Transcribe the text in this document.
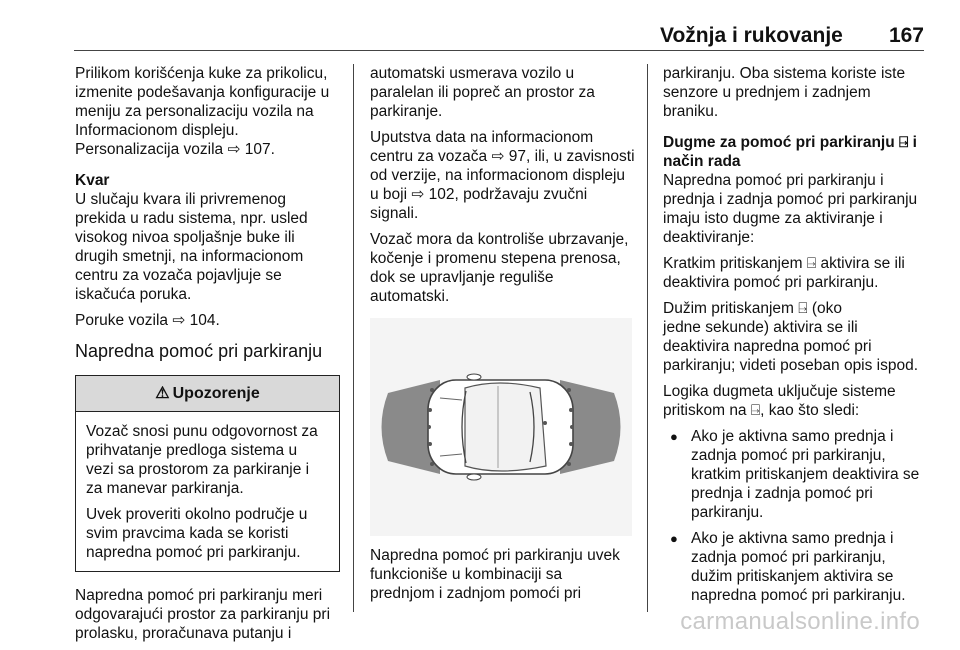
Vožnja i rukovanje 167

Prilikom korišćenja kuke za prikolicu,
izmenite podešavanja konfiguracije u
meniju za personalizaciju vozila na
Informacionom displeju.
Personalizacija vozila ⇨ 107.

Kvar

U slučaju kvara ili privremenog
prekida u radu sistema, npr. usled
visokog nivoa spoljašnje buke ili
drugih smetnji, na informacionom
centru za vozača pojavljuje se
iskačuća poruka.

Poruke vozila ⇨ 104.

Napredna pomoć pri parkiranju
⚠ Upozorenje

Vozač snosi punu odgovornost za
prihvatanje predloga sistema u
vezi sa prostorom za parkiranje i
za manevar parkiranja.

Uvek proveriti okolno područje u
svim pravcima kada se koristi
napredna pomoć pri parkiranju.

Napredna pomoć pri parkiranju meri
odgovarajući prostor za parkiranju pri
prolasku, proračunava putanju i

automatski usmerava vozilo u
paralelan ili popreč an prostor za
parkiranje.

Uputstva data na informacionom
centru za vozača ⇨ 97, ili, u zavisnosti
od verzije, na informacionom displeju
u boji ⇨ 102, podržavaju zvučni
signali.

Vozač mora da kontroliše ubrzavanje,
kočenje i promenu stepena prenosa,
dok se upravljanje reguliše
automatski.

Napredna pomoć pri parkiranju uvek
funkcioniše u kombinaciji sa
prednjom i zadnjom pomoći pri

parkiranju. Oba sistema koriste iste
senzore u prednjem i zadnjem
braniku.

Dugme za pomoć pri parkiranju ⍈ i
način rada

Napredna pomoć pri parkiranju i
prednja i zadnja pomoć pri parkiranju
imaju isto dugme za aktiviranje i
deaktiviranje:

Kratkim pritiskanjem ⍈ aktivira se ili
deaktivira pomoć pri parkiranju.

Dužim pritiskanjem ⍈ (oko
jedne sekunde) aktivira se ili
deaktivira napredna pomoć pri
parkiranju; videti poseban opis ispod.

Logika dugmeta uključuje sisteme
pritiskom na ⍈, kao što sledi:

● Ako je aktivna samo prednja i
zadnja pomoć pri parkiranju,
kratkim pritiskanjem deaktivira se
prednja i zadnja pomoć pri
parkiranju.
● Ako je aktivna samo prednja i
zadnja pomoć pri parkiranju,
dužim pritiskanjem aktivira se
napredna pomoć pri parkiranju.
carmanualsonline.info
